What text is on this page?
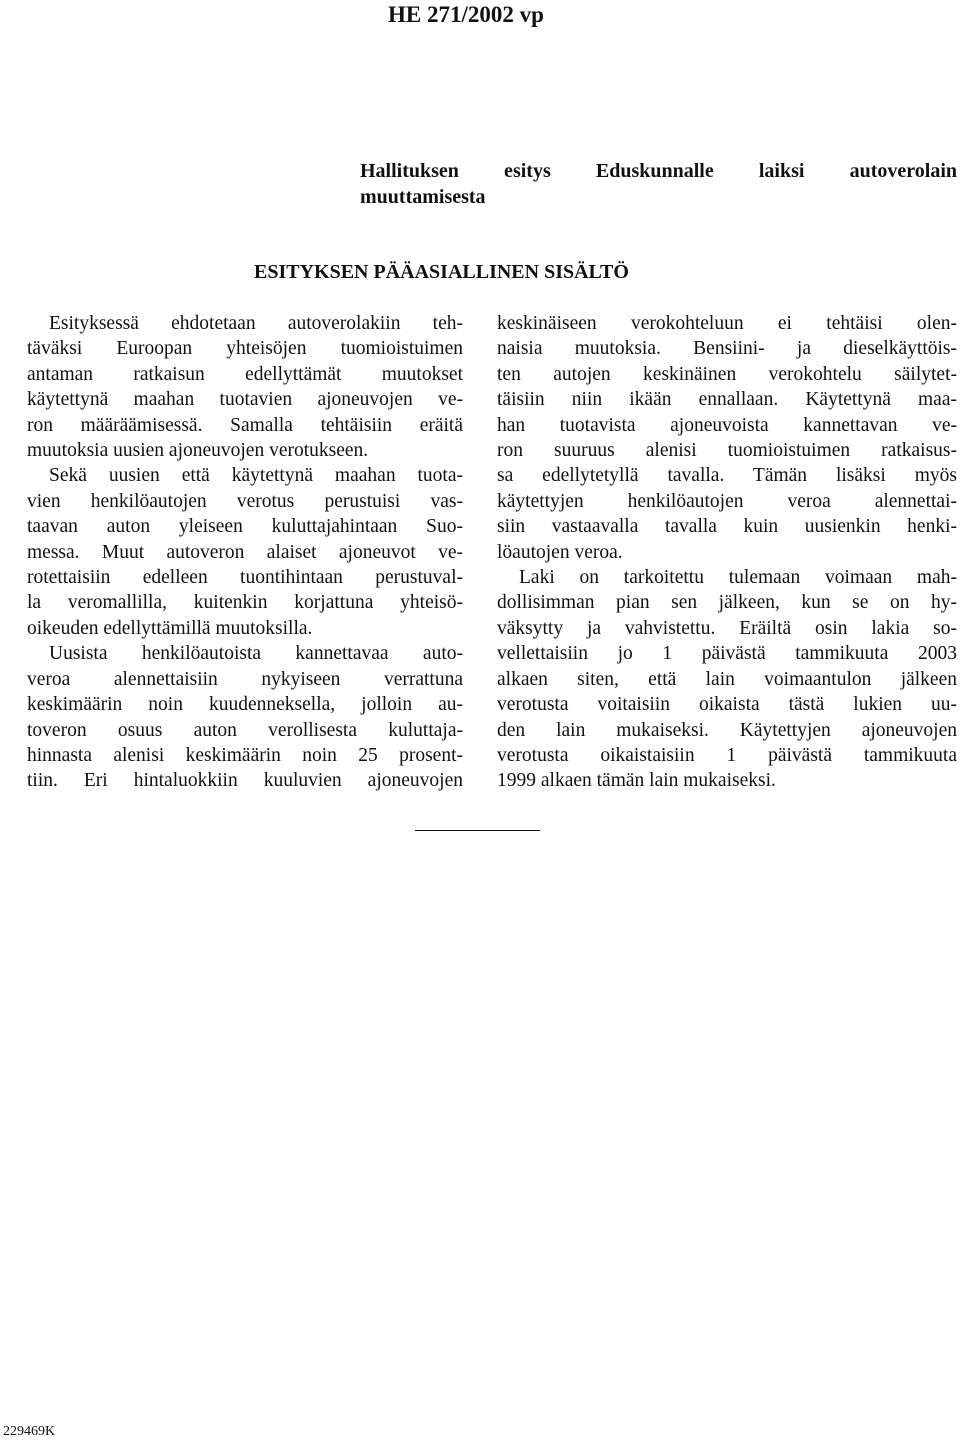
HE 271/2002 vp
Hallituksen esitys Eduskunnalle laiksi autoverolain
muuttamisesta
ESITYKSEN PÄÄASIALLINEN SISÄLTÖ
Esityksessä ehdotetaan autoverolakiin teh-
täväksi Euroopan yhteisöjen tuomioistuimen
antaman ratkaisun edellyttämät muutokset
käytettynä maahan tuotavien ajoneuvojen ve-
ron määräämisessä. Samalla tehtäisiin eräitä
muutoksia uusien ajoneuvojen verotukseen.
Sekä uusien että käytettynä maahan tuota-
vien henkilöautojen verotus perustuisi vas-
taavan auton yleiseen kuluttajahintaan Suo-
messa. Muut autoveron alaiset ajoneuvot ve-
rotettaisiin edelleen tuontihintaan perustuval-
la veromallilla, kuitenkin korjattuna yhteisö-
oikeuden edellyttämillä muutoksilla.
Uusista henkilöautoista kannettavaa auto-
veroa alennettaisiin nykyiseen verrattuna
keskimäärin noin kuudenneksella, jolloin au-
toveron osuus auton verollisesta kuluttaja-
hinnasta alenisi keskimäärin noin 25 prosent-
tiin. Eri hintaluokkiin kuuluvien ajoneuvojen
keskinäiseen verokohteluun ei tehtäisi olen-
naisia muutoksia. Bensiini- ja dieselkäyttöis-
ten autojen keskinäinen verokohtelu säilytet-
täisiin niin ikään ennallaan. Käytettynä maa-
han tuotavista ajoneuvoista kannettavan ve-
ron suuruus alenisi tuomioistuimen ratkaisus-
sa edellytetyllä tavalla. Tämän lisäksi myös
käytettyjen henkilöautojen veroa alennettai-
siin vastaavalla tavalla kuin uusienkin henki-
löautojen veroa.
Laki on tarkoitettu tulemaan voimaan mah-
dollisimman pian sen jälkeen, kun se on hy-
väksytty ja vahvistettu. Eräiltä osin lakia so-
vellettaisiin jo 1 päivästä tammikuuta 2003
alkaen siten, että lain voimaantulon jälkeen
verotusta voitaisiin oikaista tästä lukien uu-
den lain mukaiseksi. Käytettyjen ajoneuvojen
verotusta oikaistaisiin 1 päivästä tammikuuta
1999 alkaen tämän lain mukaiseksi.
229469K
